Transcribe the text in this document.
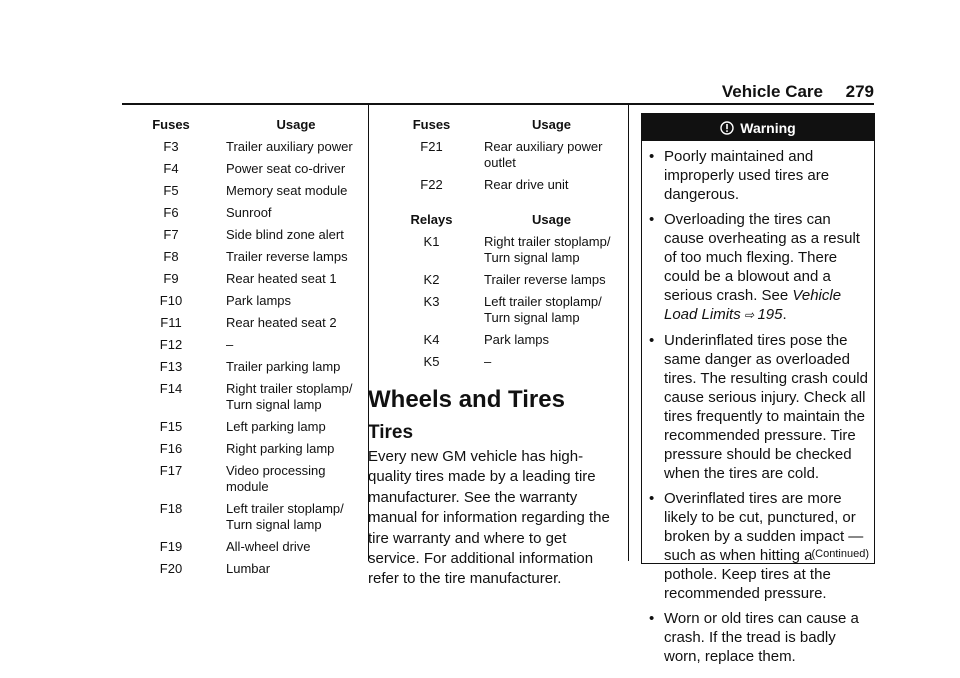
Vehicle Care 279
Fuses	Usage
F3	Trailer auxiliary power
F4	Power seat co-driver
F5	Memory seat module
F6	Sunroof
F7	Side blind zone alert
F8	Trailer reverse lamps
F9	Rear heated seat 1
F10	Park lamps
F11	Rear heated seat 2
F12	–
F13	Trailer parking lamp
F14	Right trailer stoplamp/
Turn signal lamp
F15	Left parking lamp
F16	Right parking lamp
F17	Video processing
module
F18	Left trailer stoplamp/
Turn signal lamp
F19	All-wheel drive
F20	Lumbar
Fuses	Usage
F21	Rear auxiliary power
outlet
F22	Rear drive unit
Relays	Usage
K1	Right trailer stoplamp/
Turn signal lamp
K2	Trailer reverse lamps
K3	Left trailer stoplamp/
Turn signal lamp
K4	Park lamps
K5	–
Wheels and Tires
Tires
Every new GM vehicle has high-quality tires made by a leading tire manufacturer. See the warranty manual for information regarding the tire warranty and where to get service. For additional information refer to the tire manufacturer.
Warning
• Poorly maintained and improperly used tires are dangerous.
• Overloading the tires can cause overheating as a result of too much flexing. There could be a blowout and a serious crash. See Vehicle Load Limits ⇨ 195.
• Underinflated tires pose the same danger as overloaded tires. The resulting crash could cause serious injury. Check all tires frequently to maintain the recommended pressure. Tire pressure should be checked when the tires are cold.
• Overinflated tires are more likely to be cut, punctured, or broken by a sudden impact — such as when hitting a pothole. Keep tires at the recommended pressure.
• Worn or old tires can cause a crash. If the tread is badly worn, replace them.
(Continued)
